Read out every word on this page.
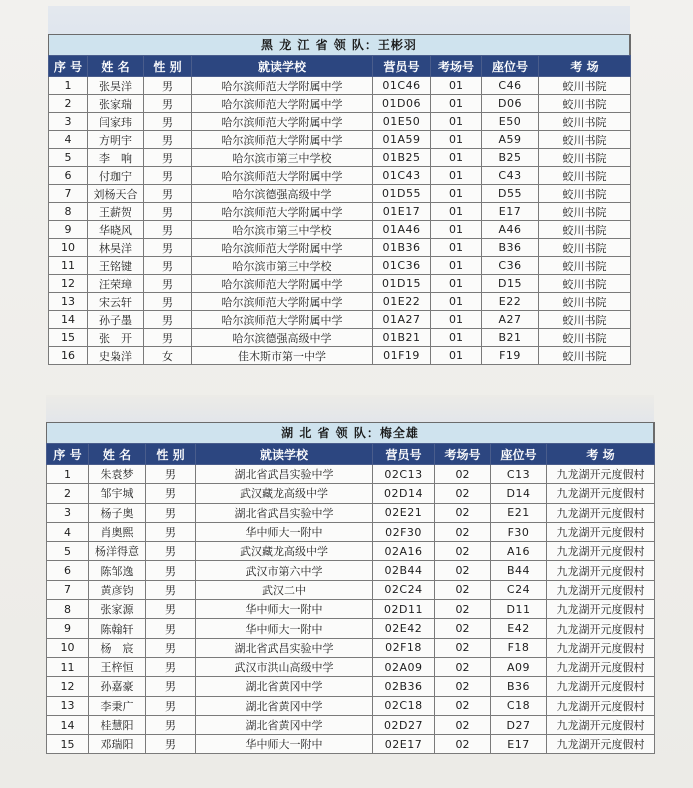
黑 龙 江 省 领 队：王彬羽
序 号	姓 名	性 别	就读学校	营员号	考场号	座位号	考 场
1	张昊洋	男	哈尔滨师范大学附属中学	01C46	01	C46	蛟川书院
2	张家瑞	男	哈尔滨师范大学附属中学	01D06	01	D06	蛟川书院
3	闫家玮	男	哈尔滨师范大学附属中学	01E50	01	E50	蛟川书院
4	方明宇	男	哈尔滨师范大学附属中学	01A59	01	A59	蛟川书院
5	李　响	男	哈尔滨市第三中学校	01B25	01	B25	蛟川书院
6	付珈宁	男	哈尔滨师范大学附属中学	01C43	01	C43	蛟川书院
7	刘杨天合	男	哈尔滨德强高级中学	01D55	01	D55	蛟川书院
8	王薪贺	男	哈尔滨师范大学附属中学	01E17	01	E17	蛟川书院
9	华晓风	男	哈尔滨市第三中学校	01A46	01	A46	蛟川书院
10	林昊洋	男	哈尔滨师范大学附属中学	01B36	01	B36	蛟川书院
11	王铭键	男	哈尔滨市第三中学校	01C36	01	C36	蛟川书院
12	汪荣璋	男	哈尔滨师范大学附属中学	01D15	01	D15	蛟川书院
13	宋云轩	男	哈尔滨师范大学附属中学	01E22	01	E22	蛟川书院
14	孙子墨	男	哈尔滨师范大学附属中学	01A27	01	A27	蛟川书院
15	张　开	男	哈尔滨德强高级中学	01B21	01	B21	蛟川书院
16	史枭洋	女	佳木斯市第一中学	01F19	01	F19	蛟川书院
湖 北 省 领 队：梅全雄
序 号	姓 名	性 别	就读学校	营员号	考场号	座位号	考 场
1	朱袁梦	男	湖北省武昌实验中学	02C13	02	C13	九龙湖开元度假村
2	邹宇城	男	武汉藏龙高级中学	02D14	02	D14	九龙湖开元度假村
3	杨子奥	男	湖北省武昌实验中学	02E21	02	E21	九龙湖开元度假村
4	肖奥熙	男	华中师大一附中	02F30	02	F30	九龙湖开元度假村
5	杨洋得意	男	武汉藏龙高级中学	02A16	02	A16	九龙湖开元度假村
6	陈邹逸	男	武汉市第六中学	02B44	02	B44	九龙湖开元度假村
7	黄彦钧	男	武汉二中	02C24	02	C24	九龙湖开元度假村
8	张家源	男	华中师大一附中	02D11	02	D11	九龙湖开元度假村
9	陈翰轩	男	华中师大一附中	02E42	02	E42	九龙湖开元度假村
10	杨　宸	男	湖北省武昌实验中学	02F18	02	F18	九龙湖开元度假村
11	王梓恒	男	武汉市洪山高级中学	02A09	02	A09	九龙湖开元度假村
12	孙嘉豪	男	湖北省黄冈中学	02B36	02	B36	九龙湖开元度假村
13	李秉广	男	湖北省黄冈中学	02C18	02	C18	九龙湖开元度假村
14	桂慧阳	男	湖北省黄冈中学	02D27	02	D27	九龙湖开元度假村
15	邓瑞阳	男	华中师大一附中	02E17	02	E17	九龙湖开元度假村
